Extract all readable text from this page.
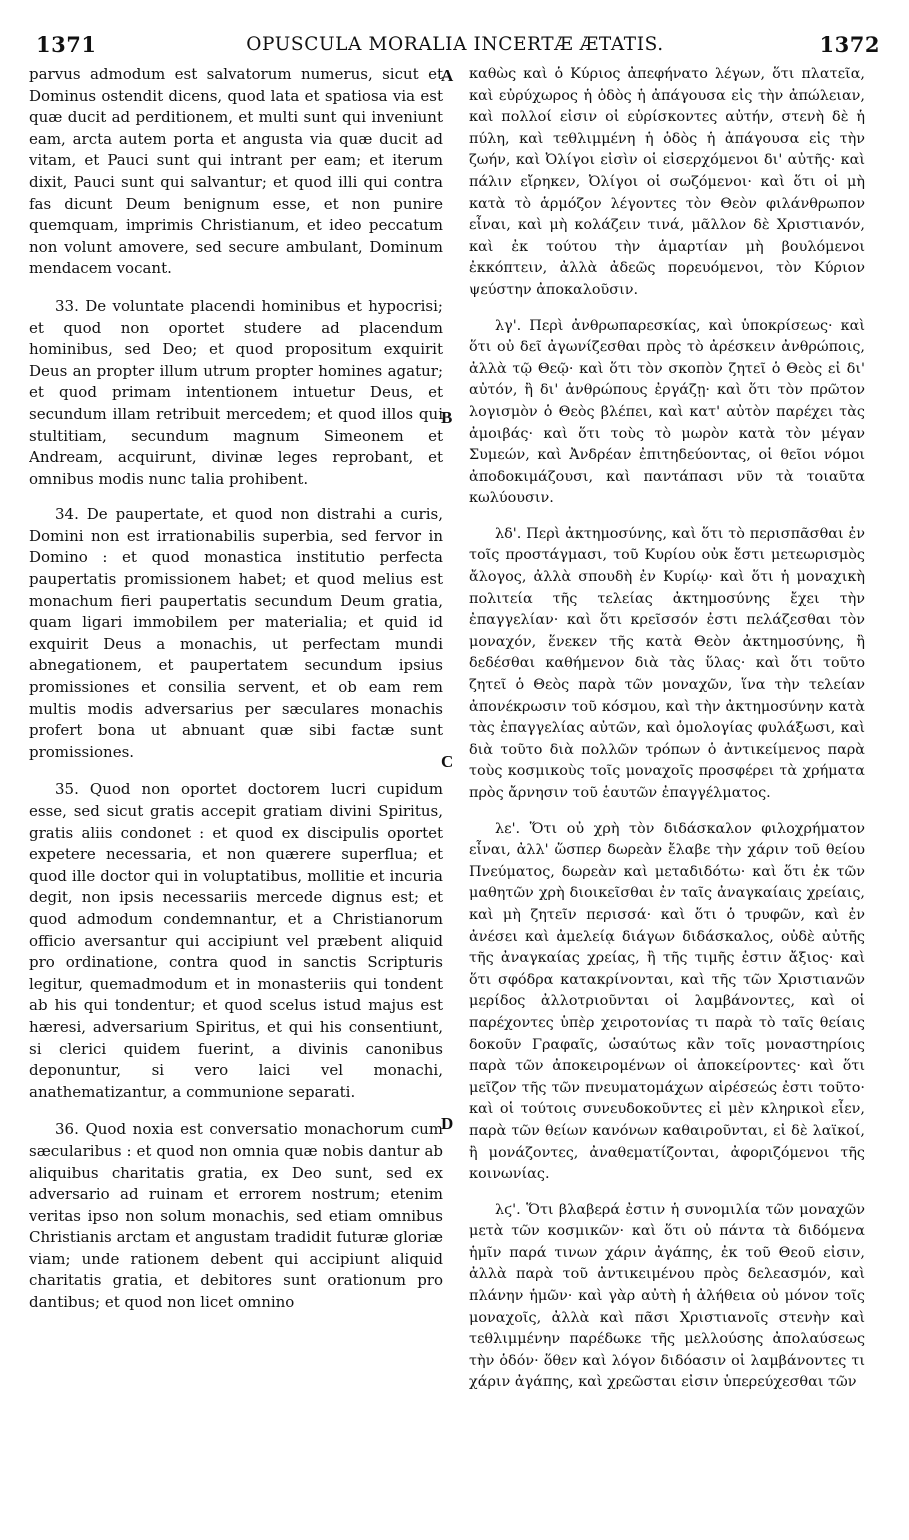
1371	OPUSCULA MORALIA INCERTÆ ÆTATIS.	1372

parvus admodum est salvatorum numerus, sicut et Dominus ostendit dicens, quod lata et spatiosa via est quæ ducit ad perditionem, et multi sunt qui inveniunt eam, arcta autem porta et angusta via quæ ducit ad vitam, et Pauci sunt qui intrant per eam; et iterum dixit, Pauci sunt qui salvantur; et quod illi qui contra fas dicunt Deum benignum esse, et non punire quemquam, imprimis Christianum, et ideo peccatum non volunt amovere, sed secure ambulant, Dominum mendacem vocant.

33. De voluntate placendi hominibus et hypocrisi; et quod non oportet studere ad placendum hominibus, sed Deo; et quod propositum exquirit Deus an propter illum utrum propter homines agatur; et quod primam intentionem intuetur Deus, et secundum illam retribuit mercedem; et quod illos qui stultitiam, secundum magnum Simeonem et Andream, acquirunt, divinæ leges reprobant, et omnibus modis nunc talia prohibent.

34. De paupertate, et quod non distrahi a curis, Domini non est irrationabilis superbia, sed fervor in Domino : et quod monastica institutio perfecta paupertatis promissionem habet; et quod melius est monachum fieri paupertatis secundum Deum gratia, quam ligari immobilem per materialia; et quid id exquirit Deus a monachis, ut perfectam mundi abnegationem, et paupertatem secundum ipsius promissiones et consilia servent, et ob eam rem multis modis adversarius per sæculares monachis profert bona ut abnuant quæ sibi factæ sunt promissiones.

35. Quod non oportet doctorem lucri cupidum esse, sed sicut gratis accepit gratiam divini Spiritus, gratis aliis condonet : et quod ex discipulis oportet expetere necessaria, et non quærere superflua; et quod ille doctor qui in voluptatibus, mollitie et incuria degit, non ipsis necessariis mercede dignus est; et quod admodum condemnantur, et a Christianorum officio aversantur qui accipiunt vel præbent aliquid pro ordinatione, contra quod in sanctis Scripturis legitur, quemadmodum et in monasteriis qui tondent ab his qui tondentur; et quod scelus istud majus est hæresi, adversarium Spiritus, et qui his consentiunt, si clerici quidem fuerint, a divinis canonibus deponuntur, si vero laici vel monachi, anathematizantur, a communione separati.

36. Quod noxia est conversatio monachorum cum sæcularibus : et quod non omnia quæ nobis dantur ab aliquibus charitatis gratia, ex Deo sunt, sed ex adversario ad ruinam et errorem nostrum; etenim veritas ipso non solum monachis, sed etiam omnibus Christianis arctam et angustam tradidit futuræ gloriæ viam; unde rationem debent qui accipiunt aliquid charitatis gratia, et debitores sunt orationum pro dantibus; et quod non licet omnino

A
B
C
D

καθὼς καὶ ὁ Κύριος ἀπεφήνατο λέγων, ὅτι πλατεῖα, καὶ εὐρύχωρος ἡ ὁδὸς ἡ ἀπάγουσα εἰς τὴν ἀπώλειαν, καὶ πολλοί εἰσιν οἱ εὑρίσκοντες αὐτήν, στενὴ δὲ ἡ πύλη, καὶ τεθλιμμένη ἡ ὁδὸς ἡ ἀπάγουσα εἰς τὴν ζωήν, καὶ Ὀλίγοι εἰσὶν οἱ εἰσερχόμενοι δι' αὐτῆς· καὶ πάλιν εἴρηκεν, Ὀλίγοι οἱ σωζόμενοι· καὶ ὅτι οἱ μὴ κατὰ τὸ ἁρμόζον λέγοντες τὸν Θεὸν φιλάνθρωπον εἶναι, καὶ μὴ κολάζειν τινά, μᾶλλον δὲ Χριστιανόν, καὶ ἐκ τούτου τὴν ἁμαρτίαν μὴ βουλόμενοι ἐκκόπτειν, ἀλλὰ ἀδεῶς πορευόμενοι, τὸν Κύριον ψεύστην ἀποκαλοῦσιν.

λγ'. Περὶ ἀνθρωπαρεσκίας, καὶ ὑποκρίσεως· καὶ ὅτι οὐ δεῖ ἀγωνίζεσθαι πρὸς τὸ ἀρέσκειν ἀνθρώποις, ἀλλὰ τῷ Θεῷ· καὶ ὅτι τὸν σκοπὸν ζητεῖ ὁ Θεὸς εἰ δι' αὐτόν, ἢ δι' ἀνθρώπους ἐργάζῃ· καὶ ὅτι τὸν πρῶτον λογισμὸν ὁ Θεὸς βλέπει, καὶ κατ' αὐτὸν παρέχει τὰς ἀμοιβάς· καὶ ὅτι τοὺς τὸ μωρὸν κατὰ τὸν μέγαν Συμεών, καὶ Ἀνδρέαν ἐπιτηδεύοντας, οἱ θεῖοι νόμοι ἀποδοκιμάζουσι, καὶ παντάπασι νῦν τὰ τοιαῦτα κωλύουσιν.

λδ'. Περὶ ἀκτημοσύνης, καὶ ὅτι τὸ περισπᾶσθαι ἐν τοῖς προστάγμασι, τοῦ Κυρίου οὐκ ἔστι μετεωρισμὸς ἄλογος, ἀλλὰ σπουδὴ ἐν Κυρίῳ· καὶ ὅτι ἡ μοναχικὴ πολιτεία τῆς τελείας ἀκτημοσύνης ἔχει τὴν ἐπαγγελίαν· καὶ ὅτι κρεῖσσόν ἐστι πελάζεσθαι τὸν μοναχόν, ἕνεκεν τῆς κατὰ Θεὸν ἀκτημοσύνης, ἢ δεδέσθαι καθήμενον διὰ τὰς ὕλας· καὶ ὅτι τοῦτο ζητεῖ ὁ Θεὸς παρὰ τῶν μοναχῶν, ἵνα τὴν τελείαν ἀπονέκρωσιν τοῦ κόσμου, καὶ τὴν ἀκτημοσύνην κατὰ τὰς ἐπαγγελίας αὐτῶν, καὶ ὁμολογίας φυλάξωσι, καὶ διὰ τοῦτο διὰ πολλῶν τρόπων ὁ ἀντικείμενος παρὰ τοὺς κοσμικοὺς τοῖς μοναχοῖς προσφέρει τὰ χρήματα πρὸς ἄρνησιν τοῦ ἑαυτῶν ἐπαγγέλματος.

λε'. Ὅτι οὐ χρὴ τὸν διδάσκαλον φιλοχρήματον εἶναι, ἀλλ' ὥσπερ δωρεὰν ἔλαβε τὴν χάριν τοῦ θείου Πνεύματος, δωρεὰν καὶ μεταδιδότω· καὶ ὅτι ἐκ τῶν μαθητῶν χρὴ διοικεῖσθαι ἐν ταῖς ἀναγκαίαις χρείαις, καὶ μὴ ζητεῖν περισσά· καὶ ὅτι ὁ τρυφῶν, καὶ ἐν ἀνέσει καὶ ἀμελείᾳ διάγων διδάσκαλος, οὐδὲ αὐτῆς τῆς ἀναγκαίας χρείας, ἢ τῆς τιμῆς ἐστιν ἄξιος· καὶ ὅτι σφόδρα κατακρίνονται, καὶ τῆς τῶν Χριστιανῶν μερίδος ἀλλοτριοῦνται οἱ λαμβάνοντες, καὶ οἱ παρέχοντες ὑπὲρ χειροτονίας τι παρὰ τὸ ταῖς θείαις δοκοῦν Γραφαῖς, ὡσαύτως κἂν τοῖς μοναστηρίοις παρὰ τῶν ἀποκειρομένων οἱ ἀποκείροντες· καὶ ὅτι μεῖζον τῆς τῶν πνευματομάχων αἱρέσεώς ἐστι τοῦτο· καὶ οἱ τούτοις συνευδοκοῦντες εἰ μὲν κληρικοὶ εἶεν, παρὰ τῶν θείων κανόνων καθαιροῦνται, εἰ δὲ λαϊκοί, ἢ μονάζοντες, ἀναθεματίζονται, ἀφοριζόμενοι τῆς κοινωνίας.

λϛ'. Ὅτι βλαβερά ἐστιν ἡ συνομιλία τῶν μοναχῶν μετὰ τῶν κοσμικῶν· καὶ ὅτι οὐ πάντα τὰ διδόμενα ἡμῖν παρά τινων χάριν ἀγάπης, ἐκ τοῦ Θεοῦ εἰσιν, ἀλλὰ παρὰ τοῦ ἀντικειμένου πρὸς δελεασμόν, καὶ πλάνην ἡμῶν· καὶ γὰρ αὐτὴ ἡ ἀλήθεια οὐ μόνον τοῖς μοναχοῖς, ἀλλὰ καὶ πᾶσι Χριστιανοῖς στενὴν καὶ τεθλιμμένην παρέδωκε τῆς μελλούσης ἀπολαύσεως τὴν ὁδόν· ὅθεν καὶ λόγον διδόασιν οἱ λαμβάνοντες τι χάριν ἀγάπης, καὶ χρεῶσται εἰσιν ὑπερεύχεσθαι τῶν
